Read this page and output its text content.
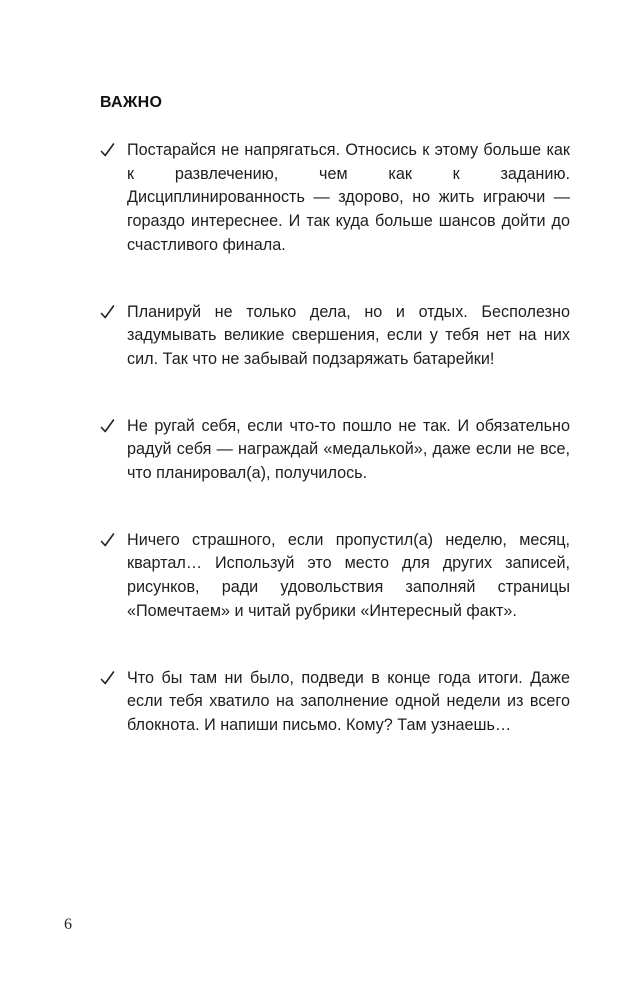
ВАЖНО
Постарайся не напрягаться. Относись к этому больше как к развлечению, чем как к заданию. Дисциплинированность — здорово, но жить играючи — гораздо интереснее. И так куда больше шансов дойти до счастливого финала.
Планируй не только дела, но и отдых. Бесполезно задумывать великие свершения, если у тебя нет на них сил. Так что не забывай подзаряжать батарейки!
Не ругай себя, если что-то пошло не так. И обязательно радуй себя — награждай «медалькой», даже если не все, что планировал(а), получилось.
Ничего страшного, если пропустил(а) неделю, месяц, квартал… Используй это место для других записей, рисунков, ради удовольствия заполняй страницы «Помечтаем» и читай рубрики «Интересный факт».
Что бы там ни было, подведи в конце года итоги. Даже если тебя хватило на заполнение одной недели из всего блокнота. И напиши письмо. Кому? Там узнаешь…
6
